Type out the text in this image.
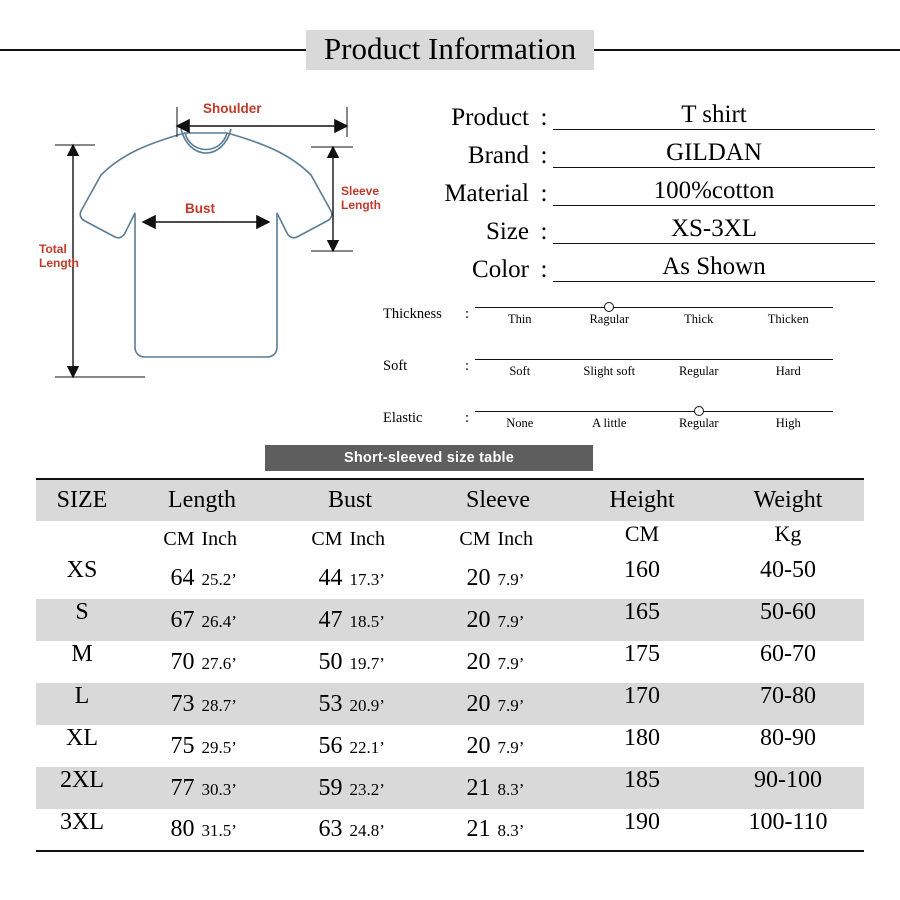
Product Information
Shoulder
Bust
Sleeve
Length
Total
Length
Product :	T shirt
Brand :	GILDAN
Material :	100%cotton
Size :	XS-3XL
Color :	As Shown
Thickness	:	Thin	Ragular	Thick	Thicken
Soft	:	Soft	Slight soft	Regular	Hard
Elastic	:	None	A little	Regular	High
Short-sleeved size table
SIZE	Length	Bust	Sleeve	Height	Weight

	CM Inch	CM Inch	CM Inch	CM	Kg

XS	64 25.2’	44 17.3’	20 7.9’	160	40-50

S	67 26.4’	47 18.5’	20 7.9’	165	50-60

M	70 27.6’	50 19.7’	20 7.9’	175	60-70

L	73 28.7’	53 20.9’	20 7.9’	170	70-80

XL	75 29.5’	56 22.1’	20 7.9’	180	80-90

2XL	77 30.3’	59 23.2’	21 8.3’	185	90-100

3XL	80 31.5’	63 24.8’	21 8.3’	190	100-110
